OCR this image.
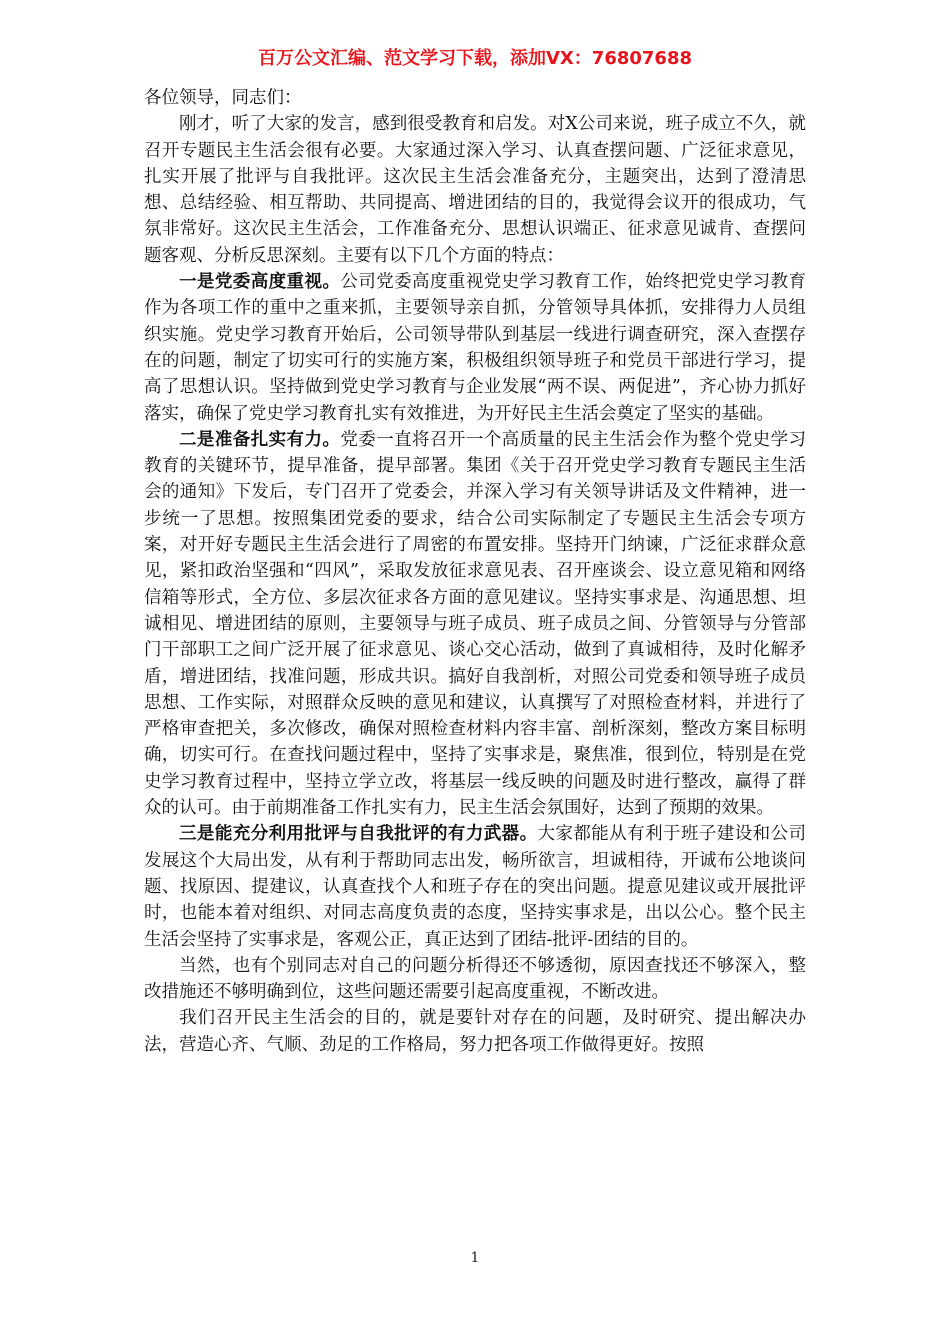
百万公文汇编、范文学习下载，添加VX：76807688

各位领导，同志们：

刚才，听了大家的发言，感到很受教育和启发。对X公司来说，班子成立不久，就召开专题民主生活会很有必要。大家通过深入学习、认真查摆问题、广泛征求意见，扎实开展了批评与自我批评。这次民主生活会准备充分，主题突出，达到了澄清思想、总结经验、相互帮助、共同提高、增进团结的目的，我觉得会议开的很成功，气氛非常好。这次民主生活会，工作准备充分、思想认识端正、征求意见诚肯、查摆问题客观、分析反思深刻。主要有以下几个方面的特点：

一是党委高度重视。公司党委高度重视党史学习教育工作，始终把党史学习教育作为各项工作的重中之重来抓，主要领导亲自抓，分管领导具体抓，安排得力人员组织实施。党史学习教育开始后，公司领导带队到基层一线进行调查研究，深入查摆存在的问题，制定了切实可行的实施方案，积极组织领导班子和党员干部进行学习，提高了思想认识。坚持做到党史学习教育与企业发展“两不误、两促进”，齐心协力抓好落实，确保了党史学习教育扎实有效推进，为开好民主生活会奠定了坚实的基础。

二是准备扎实有力。党委一直将召开一个高质量的民主生活会作为整个党史学习教育的关键环节，提早准备，提早部署。集团《关于召开党史学习教育专题民主生活会的通知》下发后，专门召开了党委会，并深入学习有关领导讲话及文件精神，进一步统一了思想。按照集团党委的要求，结合公司实际制定了专题民主生活会专项方案，对开好专题民主生活会进行了周密的布置安排。坚持开门纳谏，广泛征求群众意见，紧扣政治坚强和“四风”，采取发放征求意见表、召开座谈会、设立意见箱和网络信箱等形式，全方位、多层次征求各方面的意见建议。坚持实事求是、沟通思想、坦诚相见、增进团结的原则，主要领导与班子成员、班子成员之间、分管领导与分管部门干部职工之间广泛开展了征求意见、谈心交心活动，做到了真诚相待，及时化解矛盾，增进团结，找准问题，形成共识。搞好自我剖析，对照公司党委和领导班子成员思想、工作实际，对照群众反映的意见和建议，认真撰写了对照检查材料，并进行了严格审查把关，多次修改，确保对照检查材料内容丰富、剖析深刻，整改方案目标明确，切实可行。在查找问题过程中，坚持了实事求是，聚焦准，很到位，特别是在党史学习教育过程中，坚持立学立改，将基层一线反映的问题及时进行整改，赢得了群众的认可。由于前期准备工作扎实有力，民主生活会氛围好，达到了预期的效果。

三是能充分利用批评与自我批评的有力武器。大家都能从有利于班子建设和公司发展这个大局出发，从有利于帮助同志出发，畅所欲言，坦诚相待，开诚布公地谈问题、找原因、提建议，认真查找个人和班子存在的突出问题。提意见建议或开展批评时，也能本着对组织、对同志高度负责的态度，坚持实事求是，出以公心。整个民主生活会坚持了实事求是，客观公正，真正达到了团结-批评-团结的目的。

当然，也有个别同志对自己的问题分析得还不够透彻，原因查找还不够深入，整改措施还不够明确到位，这些问题还需要引起高度重视，不断改进。

我们召开民主生活会的目的，就是要针对存在的问题，及时研究、提出解决办法，营造心齐、气顺、劲足的工作格局，努力把各项工作做得更好。按照

1
